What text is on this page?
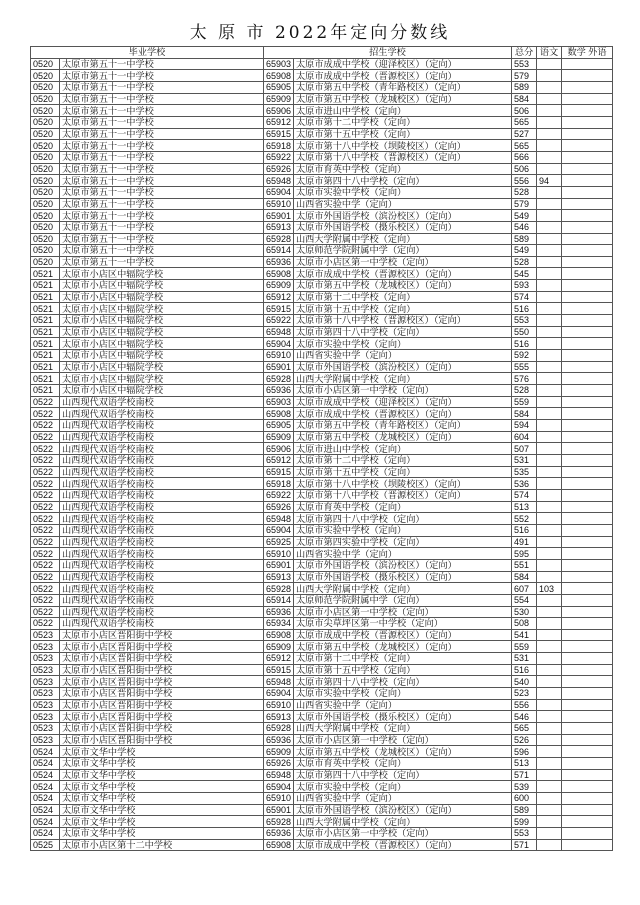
太 原 市 2022年定向分数线
毕业学校		招生学校		总分	语文	数学 外语
0520	太原市第五十一中学校	65903	太原市成成中学校（迎泽校区）（定向）	553		
0520	太原市第五十一中学校	65908	太原市成成中学校（晋源校区）（定向）	579		
0520	太原市第五十一中学校	65905	太原市第五中学校（青年路校区）（定向）	589		
0520	太原市第五十一中学校	65909	太原市第五中学校（龙城校区）（定向）	584		
0520	太原市第五十一中学校	65906	太原市进山中学校（定向）	506		
0520	太原市第五十一中学校	65912	太原市第十二中学校（定向）	565		
0520	太原市第五十一中学校	65915	太原市第十五中学校（定向）	527		
0520	太原市第五十一中学校	65918	太原市第十八中学校（坝陵校区）（定向）	565		
0520	太原市第五十一中学校	65922	太原市第十八中学校（晋源校区）（定向）	566		
0520	太原市第五十一中学校	65926	太原市育英中学校（定向）	506		
0520	太原市第五十一中学校	65948	太原市第四十八中学校（定向）	556	94	
0520	太原市第五十一中学校	65904	太原市实验中学校（定向）	528		
0520	太原市第五十一中学校	65910	山西省实验中学（定向）	579		
0520	太原市第五十一中学校	65901	太原市外国语学校（滨汾校区）（定向）	549		
0520	太原市第五十一中学校	65913	太原市外国语学校（摄乐校区）（定向）	546		
0520	太原市第五十一中学校	65928	山西大学附属中学校（定向）	589		
0520	太原市第五十一中学校	65914	太原师范学院附属中学（定向）	549		
0520	太原市第五十一中学校	65936	太原市小店区第一中学校（定向）	528		
0521	太原市小店区中辐院学校	65908	太原市成成中学校（晋源校区）（定向）	545		
0521	太原市小店区中辐院学校	65909	太原市第五中学校（龙城校区）（定向）	593		
0521	太原市小店区中辐院学校	65912	太原市第十二中学校（定向）	574		
0521	太原市小店区中辐院学校	65915	太原市第十五中学校（定向）	516		
0521	太原市小店区中辐院学校	65922	太原市第十八中学校（晋源校区）（定向）	553		
0521	太原市小店区中辐院学校	65948	太原市第四十八中学校（定向）	550		
0521	太原市小店区中辐院学校	65904	太原市实验中学校（定向）	516		
0521	太原市小店区中辐院学校	65910	山西省实验中学（定向）	592		
0521	太原市小店区中辐院学校	65901	太原市外国语学校（滨汾校区）（定向）	555		
0521	太原市小店区中辐院学校	65928	山西大学附属中学校（定向）	576		
0521	太原市小店区中辐院学校	65936	太原市小店区第一中学校（定向）	528		
0522	山西现代双语学校南校	65903	太原市成成中学校（迎泽校区）（定向）	559		
0522	山西现代双语学校南校	65908	太原市成成中学校（晋源校区）（定向）	584		
0522	山西现代双语学校南校	65905	太原市第五中学校（青年路校区）（定向）	594		
0522	山西现代双语学校南校	65909	太原市第五中学校（龙城校区）（定向）	604		
0522	山西现代双语学校南校	65906	太原市进山中学校（定向）	507		
0522	山西现代双语学校南校	65912	太原市第十二中学校（定向）	531		
0522	山西现代双语学校南校	65915	太原市第十五中学校（定向）	535		
0522	山西现代双语学校南校	65918	太原市第十八中学校（坝陵校区）（定向）	536		
0522	山西现代双语学校南校	65922	太原市第十八中学校（晋源校区）（定向）	574		
0522	山西现代双语学校南校	65926	太原市育英中学校（定向）	513		
0522	山西现代双语学校南校	65948	太原市第四十八中学校（定向）	552		
0522	山西现代双语学校南校	65904	太原市实验中学校（定向）	516		
0522	山西现代双语学校南校	65925	太原市第四实验中学校（定向）	491		
0522	山西现代双语学校南校	65910	山西省实验中学（定向）	595		
0522	山西现代双语学校南校	65901	太原市外国语学校（滨汾校区）（定向）	551		
0522	山西现代双语学校南校	65913	太原市外国语学校（摄乐校区）（定向）	584		
0522	山西现代双语学校南校	65928	山西大学附属中学校（定向）	607	103	
0522	山西现代双语学校南校	65914	太原师范学院附属中学（定向）	554		
0522	山西现代双语学校南校	65936	太原市小店区第一中学校（定向）	530		
0522	山西现代双语学校南校	65934	太原市尖草坪区第一中学校（定向）	508		
0523	太原市小店区晋阳街中学校	65908	太原市成成中学校（晋源校区）（定向）	541		
0523	太原市小店区晋阳街中学校	65909	太原市第五中学校（龙城校区）（定向）	559		
0523	太原市小店区晋阳街中学校	65912	太原市第十二中学校（定向）	531		
0523	太原市小店区晋阳街中学校	65915	太原市第十五中学校（定向）	516		
0523	太原市小店区晋阳街中学校	65948	太原市第四十八中学校（定向）	540		
0523	太原市小店区晋阳街中学校	65904	太原市实验中学校（定向）	523		
0523	太原市小店区晋阳街中学校	65910	山西省实验中学（定向）	556		
0523	太原市小店区晋阳街中学校	65913	太原市外国语学校（摄乐校区）（定向）	546		
0523	太原市小店区晋阳街中学校	65928	山西大学附属中学校（定向）	565		
0523	太原市小店区晋阳街中学校	65936	太原市小店区第一中学校（定向）	526		
0524	太原市文华中学校	65909	太原市第五中学校（龙城校区）（定向）	596		
0524	太原市文华中学校	65926	太原市育英中学校（定向）	513		
0524	太原市文华中学校	65948	太原市第四十八中学校（定向）	571		
0524	太原市文华中学校	65904	太原市实验中学校（定向）	539		
0524	太原市文华中学校	65910	山西省实验中学（定向）	600		
0524	太原市文华中学校	65901	太原市外国语学校（滨汾校区）（定向）	589		
0524	太原市文华中学校	65928	山西大学附属中学校（定向）	599		
0524	太原市文华中学校	65936	太原市小店区第一中学校（定向）	553		
0525	太原市小店区第十二中学校	65908	太原市成成中学校（晋源校区）（定向）	571		
